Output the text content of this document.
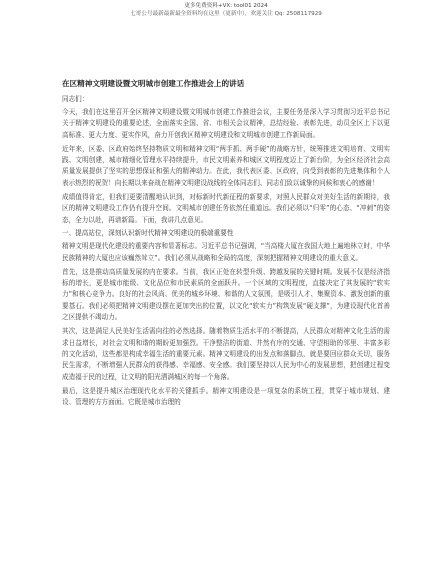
更多免费资料+VX: tool01 2024
七哥公号最新最新最全资料均在这里（更新中），欢迎关注 Qq: 2508117929
在区精神文明建设暨文明城市创建工作推进会上的讲话
同志们：

今天，我们在这里召开全区精神文明建设暨文明城市创建工作推进会议，主要任务是深入学习贯彻习近平总书记关于精神文明建设的重要论述，全面落实全国、省、市相关会议精神，总结经验、表彰先进，动员全区上下以更高标准、更大力度、更实作风，奋力开创我区精神文明建设和文明城市创建工作新局面。

近年来，区委、区政府始终坚持物质文明和精神文明“两手抓、两手硬”的战略方针，统筹推进文明培育、文明实践、文明创建，城市精细化管理水平持续提升，市民文明素养和城区文明程度迈上了新台阶，为全区经济社会高质量发展提供了坚实的思想保证和强大的精神动力。在此，我代表区委、区政府，向受到表彰的先进集体和个人表示热烈的祝贺！向长期以来奋战在精神文明建设战线的全体同志们、同志们致以诚挚的问候和衷心的感谢！

成绩值得肯定，但我们更要清醒地认识到，对标新时代新征程的新要求，对照人民群众对美好生活的新期待，我区的精神文明建设工作仍有提升空间。文明城市创建任务依然任重道远。我们必须以“归零”的心态、“冲刺”的姿态，全力以赴，再谱新篇。下面，我讲几点意见。

一、提高站位，深刻认识新时代精神文明建设的极端重要性

精神文明是现代化建设的重要内容和显著标志。习近平总书记强调，“当高楼大厦在我国大地上遍地林立时，中华民族精神的大厦也应该巍然耸立”。我们必须从战略和全局的高度，深刻把握精神文明建设的重大意义。

首先，这是推动高质量发展的内在要求。当前，我区正处在转型升级、跨越发展的关键时期。发展不仅是经济指标的增长，更是城市能级、文化品位和市民素质的全面跃升。一个区域的文明程度，直接决定了其发展的“软实力”和核心竞争力。良好的社会风尚、优美的城乡环境、和谐的人文氛围，是吸引人才、集聚资本、激发创新的重要基石。我们必须把精神文明建设摆在更加突出的位置，以文化“软实力”构筑发展“硬支撑”，为建设现代化首善之区提供不竭动力。

其次，这是满足人民美好生活需向往的必然选择。随着物质生活水平的不断提高，人民群众对精神文化生活的需求日益增长，对社会文明和谐的期盼更加强烈。干净整洁的街道、井然有序的交通、守望相助的邻里、丰富多彩的文化活动，这些都是构成幸福生活的重要元素。精神文明建设的出发点和落脚点，就是要回应群众关切，服务民生需求，不断增强人民群众的获得感、幸福感、安全感。我们要坚持以人民为中心的发展思想，把创建过程变成造福于民的过程，让文明的阳光洒满城区的每一个角落。

最后，这是提升城区治理现代化水平的关键抓手。精神文明建设是一项复杂的系统工程，贯穿于城市规划、建设、管理的方方面面。它既是城市治理的
